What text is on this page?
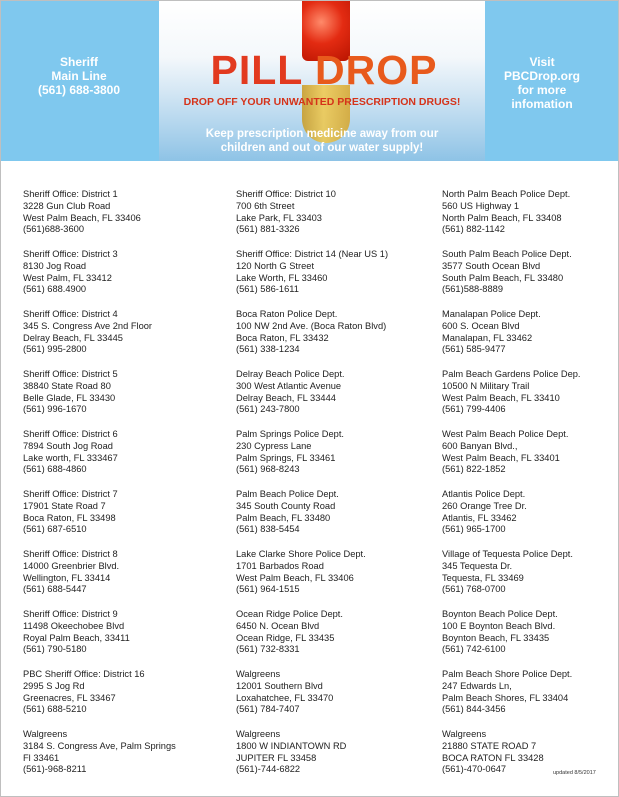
Sheriff
Main Line
(561) 688-3800	PILL DROP
DROP OFF YOUR UNWANTED PRESCRIPTION DRUGS!
Keep prescription medicine away from our
children and out of our water supply!
Visit
PBCDrop.org
for more
infomation
Sheriff Office: District 1
3228 Gun Club Road
West Palm Beach, FL 33406
(561)688-3600
Sheriff Office: District 3
8130 Jog Road
West Palm, FL 33412
(561) 688.4900
Sheriff Office: District 4
345 S. Congress Ave 2nd Floor
Delray Beach, FL 33445
(561) 995-2800
Sheriff Office: District 5
38840 State Road 80
Belle Glade, FL 33430
(561) 996-1670
Sheriff Office: District 6
7894 South Jog Road
Lake worth, FL 333467
(561) 688-4860
Sheriff Office: District 7
17901 State Road 7
Boca Raton, FL 33498
(561) 687-6510
Sheriff Office: District 8
14000 Greenbrier Blvd.
Wellington, FL 33414
(561) 688-5447
Sheriff Office: District 9
11498 Okeechobee Blvd
Royal Palm Beach, 33411
(561) 790-5180
PBC Sheriff Office: District 16
2995 S Jog Rd
Greenacres, FL 33467
(561) 688-5210
Walgreens
3184 S. Congress Ave, Palm Springs
Fl 33461
(561)-968-8211
Sheriff Office: District 10
700 6th Street
Lake Park, FL 33403
(561) 881-3326
Sheriff Office: District 14 (Near US 1)
120 North G Street
Lake Worth, FL 33460
(561) 586-1611
Boca Raton Police Dept.
100 NW 2nd Ave. (Boca Raton Blvd)
Boca Raton, FL 33432
(561) 338-1234
Delray Beach Police Dept.
300 West Atlantic Avenue
Delray Beach, FL 33444
(561) 243-7800
Palm Springs Police Dept.
230 Cypress Lane
Palm Springs, FL 33461
(561) 968-8243
Palm Beach Police Dept.
345 South County Road
Palm Beach, FL 33480
(561) 838-5454
Lake Clarke Shore Police Dept.
1701 Barbados Road
West Palm Beach, FL 33406
(561) 964-1515
Ocean Ridge Police Dept.
6450 N. Ocean Blvd
Ocean Ridge, FL 33435
(561) 732-8331
Walgreens
12001 Southern Blvd
Loxahatchee, FL 33470
(561) 784-7407
Walgreens
1800 W INDIANTOWN RD
JUPITER FL 33458
(561)-744-6822
North Palm Beach Police Dept.
560 US Highway 1
North Palm Beach, FL 33408
(561) 882-1142
South Palm Beach Police Dept.
3577 South Ocean Blvd
South Palm Beach, FL 33480
(561)588-8889
Manalapan Police Dept.
600 S. Ocean Blvd
Manalapan, FL 33462
(561) 585-9477
Palm Beach Gardens Police Dep.
10500 N Military Trail
West Palm Beach, FL 33410
(561) 799-4406
West Palm Beach Police Dept.
600 Banyan Blvd.,
West Palm Beach, FL 33401
(561) 822-1852
Atlantis Police Dept.
260 Orange Tree Dr.
Atlantis, FL 33462
(561) 965-1700
Village of Tequesta Police Dept.
345 Tequesta Dr.
Tequesta, FL 33469
(561) 768-0700
Boynton Beach Police Dept.
100 E Boynton Beach Blvd.
Boynton Beach, FL 33435
(561) 742-6100
Palm Beach Shore Police Dept.
247 Edwards Ln,
Palm Beach Shores, FL 33404
(561) 844-3456
Walgreens
21880 STATE ROAD 7
BOCA RATON FL 33428
(561)-470-0647	updated 8/5/2017
